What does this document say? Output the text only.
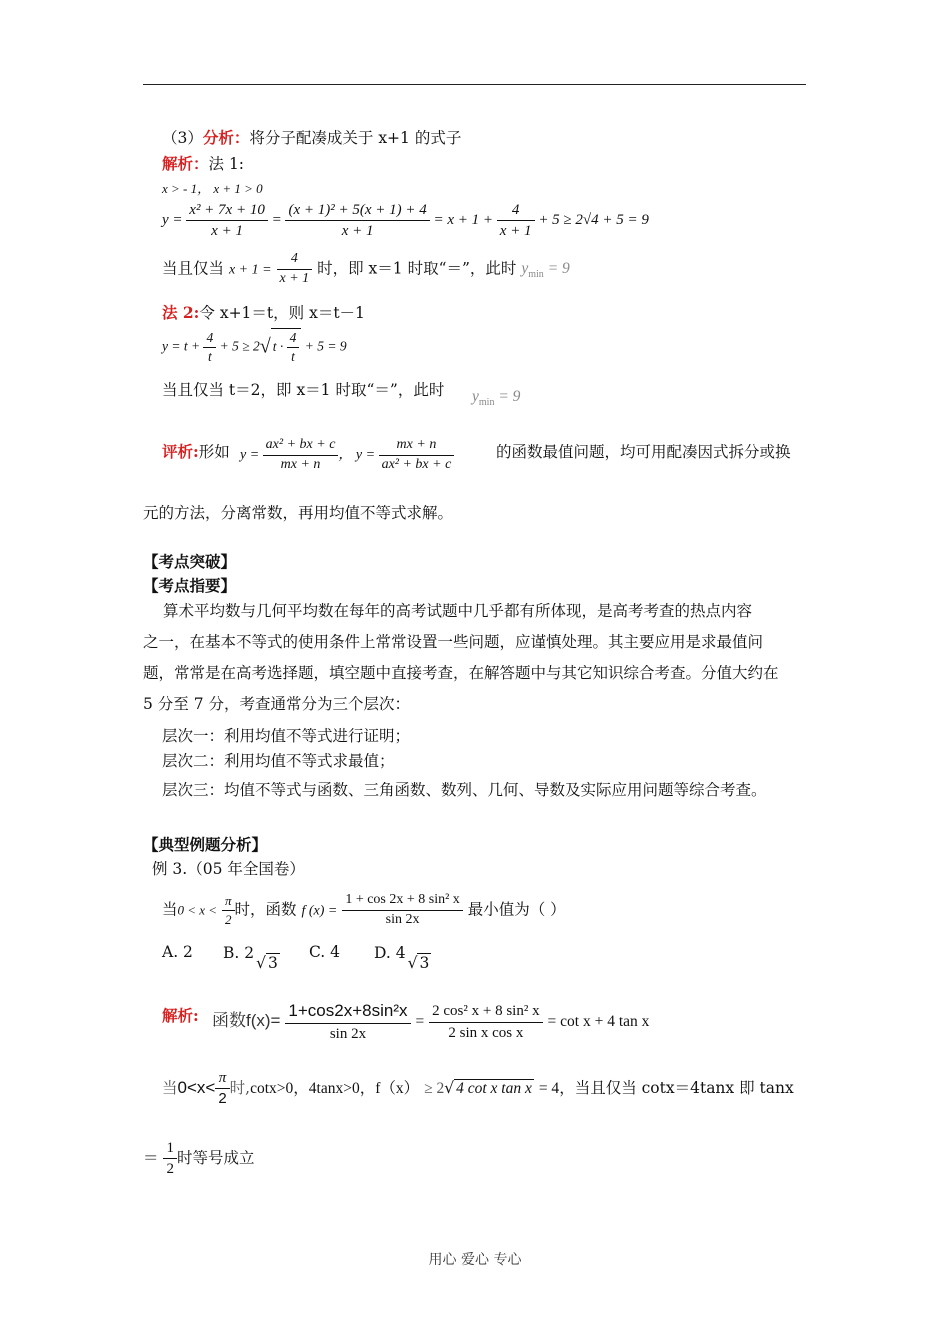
（3）分析：将分子配凑成关于 x+1 的式子
解析：法 1:
x > - 1， x + 1 > 0
$y = \frac{\text{x² + 7x + 10}}{x + 1} = \frac{\text{(x + 1)² + 5(x + 1) + 4}}{x + 1} = x + 1 + \frac{4}{x + 1} + 5 \ge 2√4 + 5 = 9$
当且仅当 $x + 1 = \frac{4}{x + 1}$ 时，即 x＝1 时取“＝”，此时 $y_{min} = 9$
法 2:令 x+1＝t，则 x＝t－1
$y = t + \frac{4}{t} + 5 \ge 2√$ $t \cdot \frac{4}{t} + 5 = 9$
当且仅当 t＝2，即 x＝1 时取“＝”，此时 $y_{min} = 9$
评析:形如 $y = \frac{\text{ax² + bx + c}}{mx + n}$ ， $y = \frac{mx + n}{\text{ax² + bx + c}}$	的函数最值问题，均可用配凑因式拆分或换
元的方法，分离常数，再用均值不等式求解。
【考点突破】
【考点指要】
算术平均数与几何平均数在每年的高考试题中几乎都有所体现，是高考考查的热点内容
之一，在基本不等式的使用条件上常常设置一些问题，应谨慎处理。其主要应用是求最值问
题，常常是在高考选择题，填空题中直接考查，在解答题中与其它知识综合考查。分值大约在
5 分至 7 分，考查通常分为三个层次：
层次一：利用均值不等式进行证明；
层次二：利用均值不等式求最值；
层次三：均值不等式与函数、三角函数、数列、几何、导数及实际应用问题等综合考查。
【典型例题分析】
例 3.（05 年全国卷）
当$0 < x < \frac{\pi}{2}$ 时，函数 f $(x) = \frac{\text{1 + cos 2x + 8 sin² x}}{\sin 2x}$ 最小值为（ ）
A. 2 B. 2√ 3
C. 4 D. 4√ 3
解析: 函数$f(x)= \frac{\text{1+cos2x+8sin²x}}{\sin 2x} = \frac{\text{2 cos² x + 8 sin² x}}{\text{2 sin x cos x}} = \cot x + 4$ tan x
当$0<x< \frac{\pi}{2}$ 时,cotx>0，4tanx>0，f（x） ≥ 2√ 4 cot x tan x = 4，当且仅当 cotx＝4tanx 即 tanx
＝ $\frac{1}{2}$ 时等号成立
用心 爱心 专心
